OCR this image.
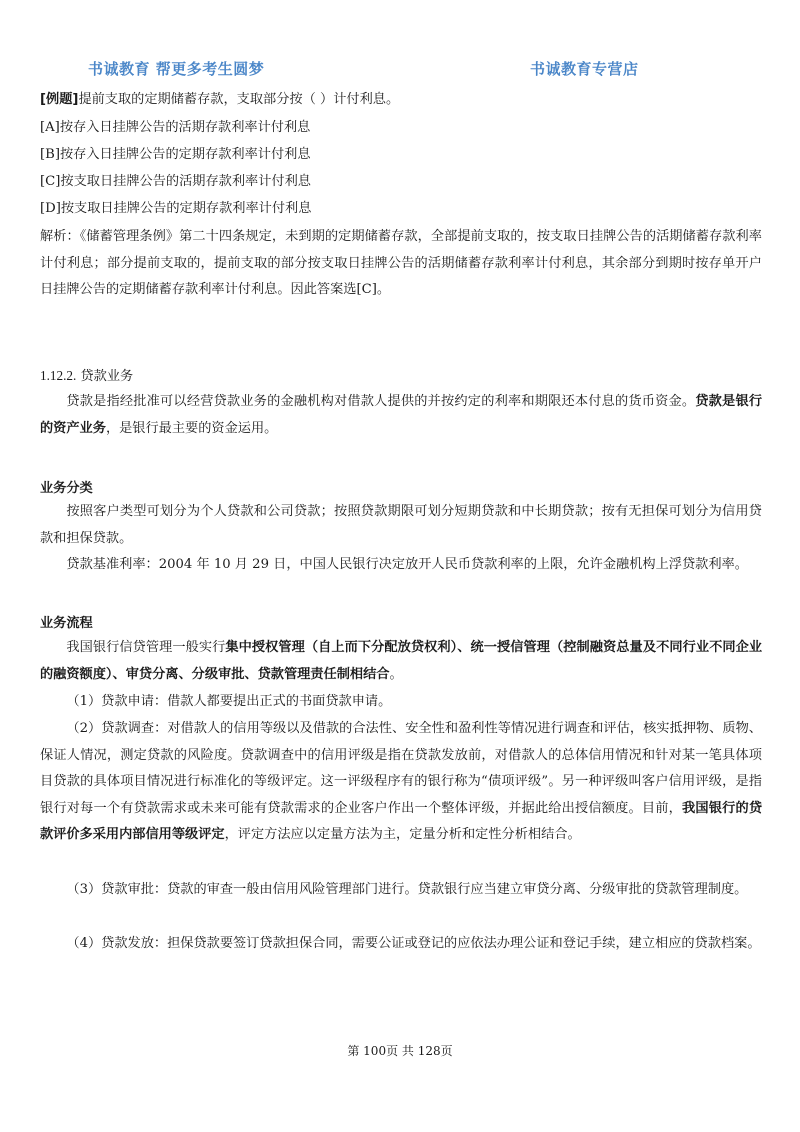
书诚教育 帮更多考生圆梦	书诚教育专营店
[例题]提前支取的定期储蓄存款，支取部分按（ ）计付利息。
[A]按存入日挂牌公告的活期存款利率计付利息
[B]按存入日挂牌公告的定期存款利率计付利息
[C]按支取日挂牌公告的活期存款利率计付利息
[D]按支取日挂牌公告的定期存款利率计付利息
解析：《储蓄管理条例》第二十四条规定，未到期的定期储蓄存款，全部提前支取的，按支取日挂牌公告的活期储蓄存款利率计付利息；部分提前支取的，提前支取的部分按支取日挂牌公告的活期储蓄存款利率计付利息，其余部分到期时按存单开户日挂牌公告的定期储蓄存款利率计付利息。因此答案选[C]。
1.12.2. 贷款业务
贷款是指经批准可以经营贷款业务的金融机构对借款人提供的并按约定的利率和期限还本付息的货币资金。贷款是银行的资产业务，是银行最主要的资金运用。
业务分类
按照客户类型可划分为个人贷款和公司贷款；按照贷款期限可划分短期贷款和中长期贷款；按有无担保可划分为信用贷款和担保贷款。
贷款基准利率：2004 年 10 月 29 日，中国人民银行决定放开人民币贷款利率的上限，允许金融机构上浮贷款利率。
业务流程
我国银行信贷管理一般实行集中授权管理（自上而下分配放贷权利）、统一授信管理（控制融资总量及不同行业不同企业的融资额度）、审贷分离、分级审批、贷款管理责任制相结合。
（1）贷款申请：借款人都要提出正式的书面贷款申请。
（2）贷款调查：对借款人的信用等级以及借款的合法性、安全性和盈利性等情况进行调查和评估，核实抵押物、质物、保证人情况，测定贷款的风险度。贷款调查中的信用评级是指在贷款发放前，对借款人的总体信用情况和针对某一笔具体项目贷款的具体项目情况进行标准化的等级评定。这一评级程序有的银行称为“债项评级”。另一种评级叫客户信用评级，是指银行对每一个有贷款需求或未来可能有贷款需求的企业客户作出一个整体评级，并据此给出授信额度。目前，我国银行的贷款评价多采用内部信用等级评定，评定方法应以定量方法为主，定量分析和定性分析相结合。
（3）贷款审批：贷款的审查一般由信用风险管理部门进行。贷款银行应当建立审贷分离、分级审批的贷款管理制度。
（4）贷款发放：担保贷款要签订贷款担保合同，需要公证或登记的应依法办理公证和登记手续，建立相应的贷款档案。
第 100页 共 128页
